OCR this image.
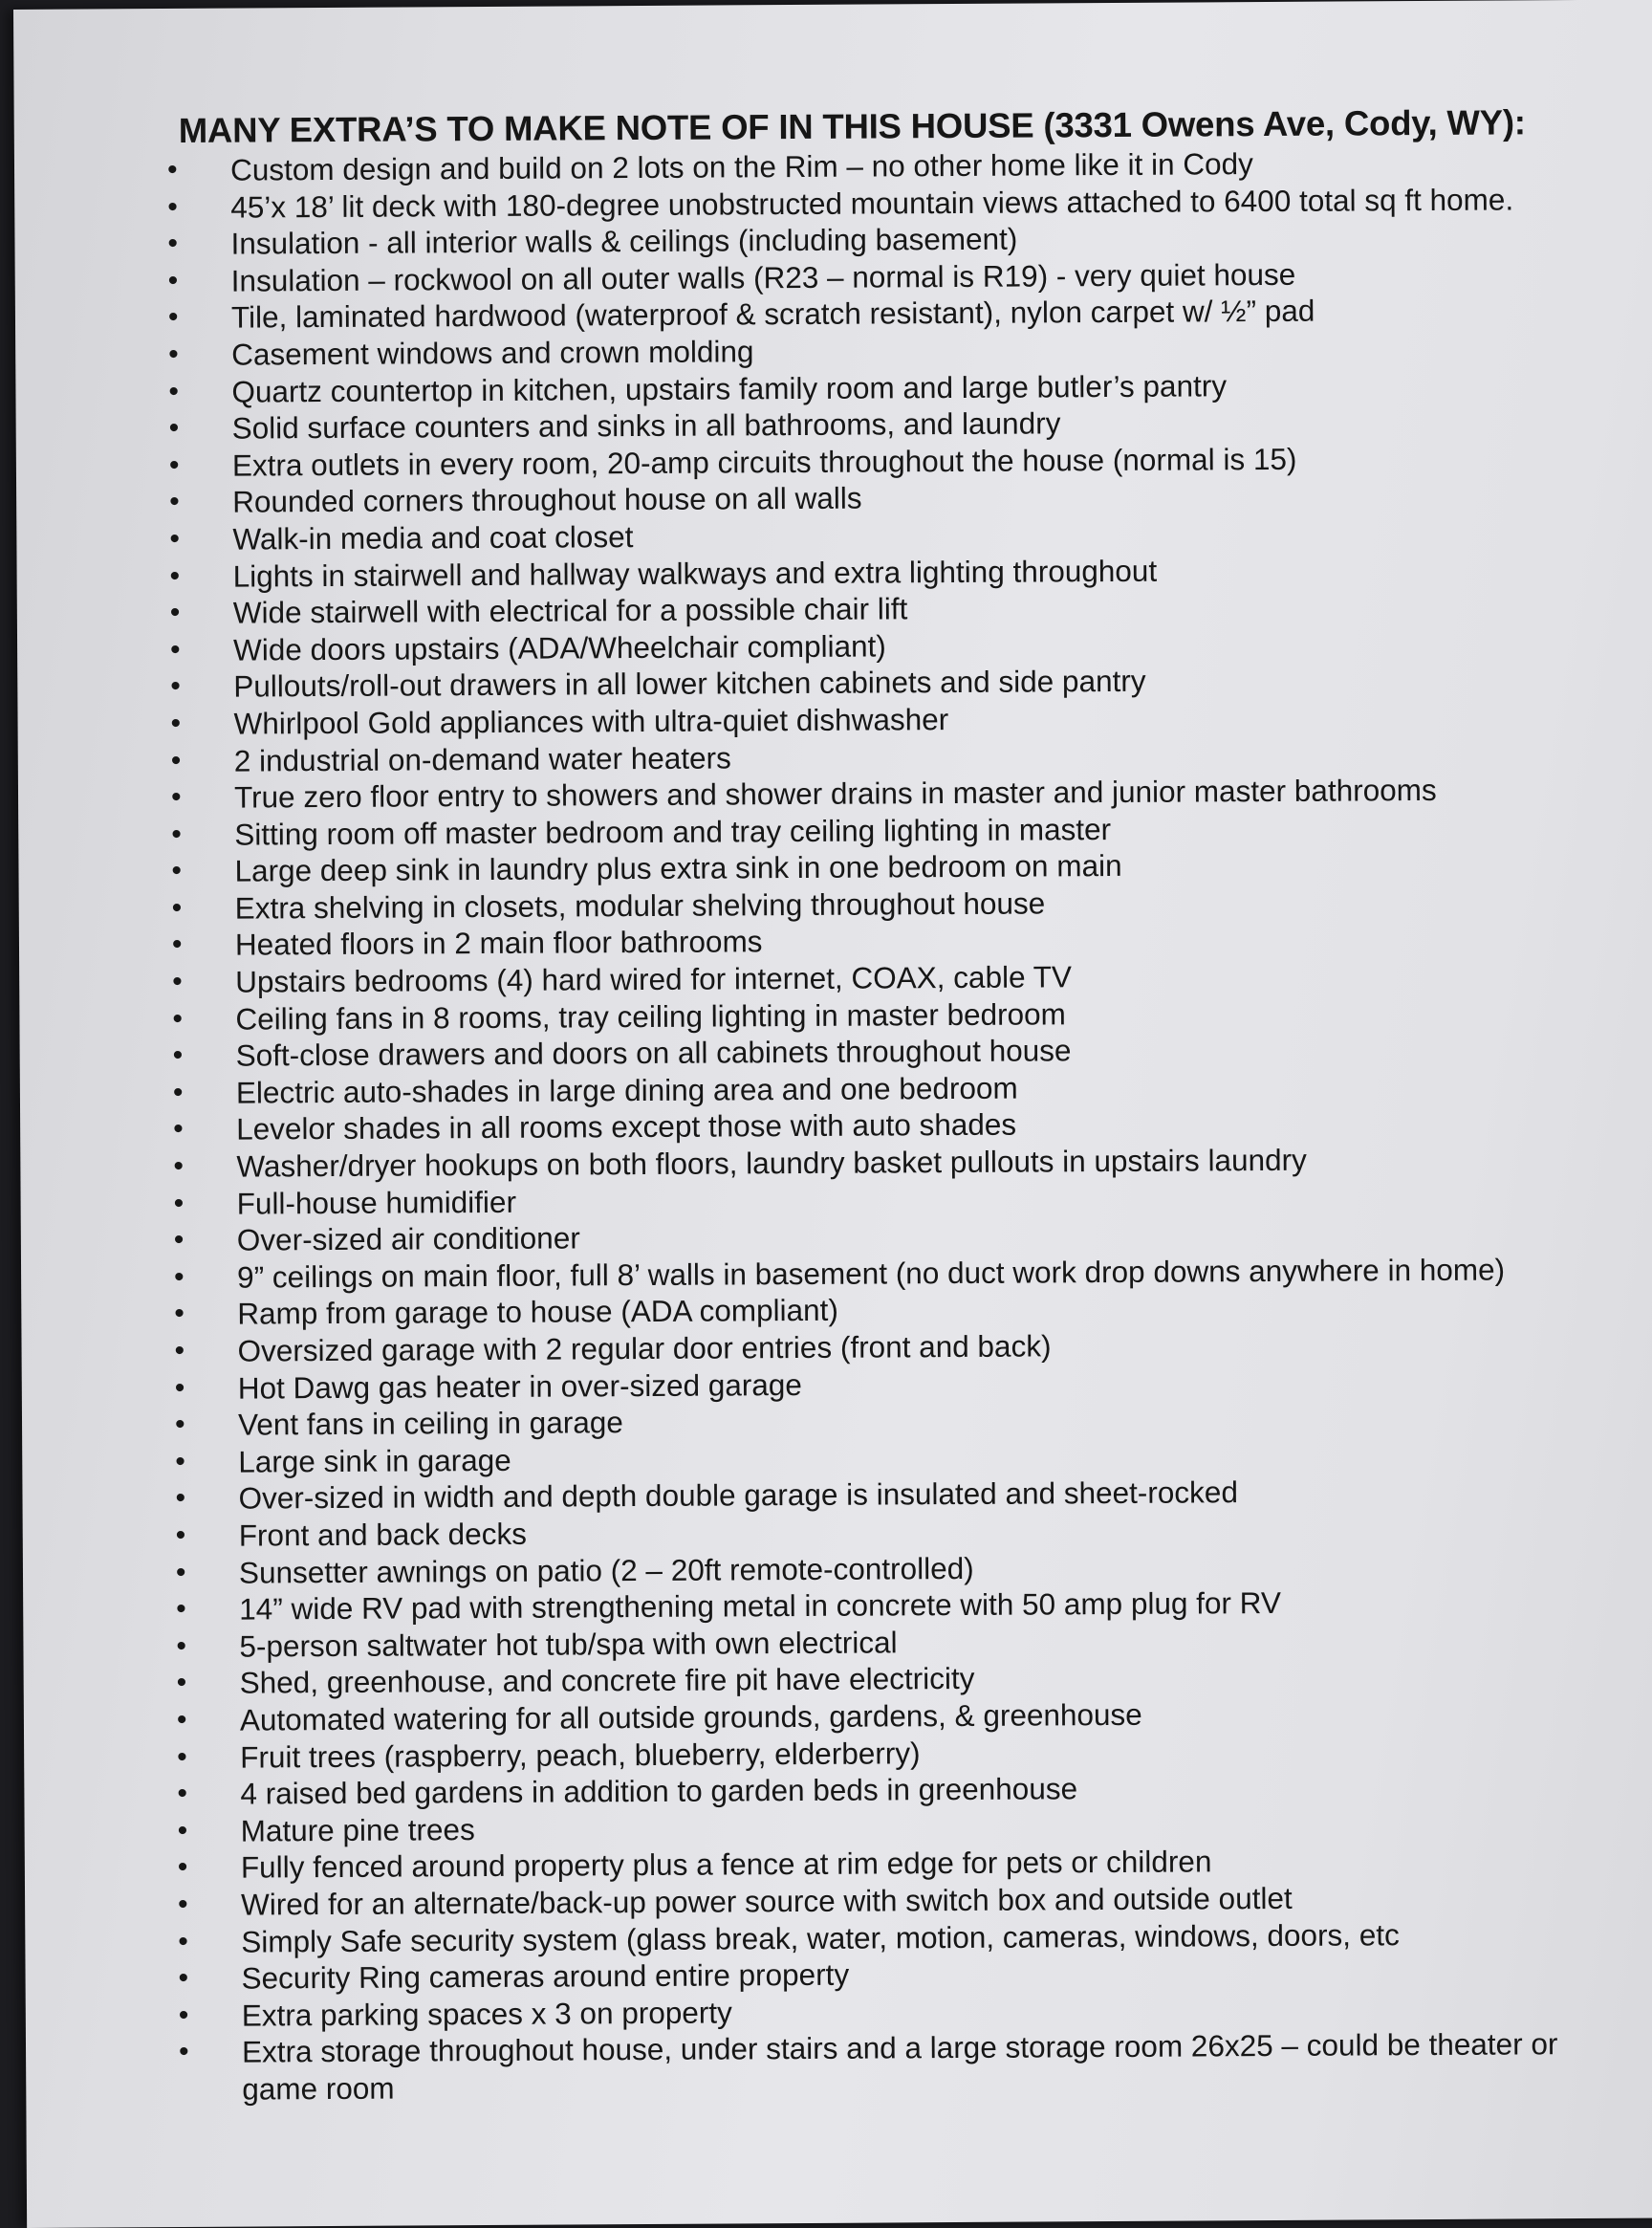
MANY EXTRA’S TO MAKE NOTE OF IN THIS HOUSE (3331 Owens Ave, Cody, WY):
• Custom design and build on 2 lots on the Rim – no other home like it in Cody
• 45’x 18’ lit deck with 180-degree unobstructed mountain views attached to 6400 total sq ft home.
• Insulation - all interior walls & ceilings (including basement)
• Insulation – rockwool on all outer walls (R23 – normal is R19) - very quiet house
• Tile, laminated hardwood (waterproof & scratch resistant), nylon carpet w/ ½” pad
• Casement windows and crown molding
• Quartz countertop in kitchen, upstairs family room and large butler’s pantry
• Solid surface counters and sinks in all bathrooms, and laundry
• Extra outlets in every room, 20-amp circuits throughout the house (normal is 15)
• Rounded corners throughout house on all walls
• Walk-in media and coat closet
• Lights in stairwell and hallway walkways and extra lighting throughout
• Wide stairwell with electrical for a possible chair lift
• Wide doors upstairs (ADA/Wheelchair compliant)
• Pullouts/roll-out drawers in all lower kitchen cabinets and side pantry
• Whirlpool Gold appliances with ultra-quiet dishwasher
• 2 industrial on-demand water heaters
• True zero floor entry to showers and shower drains in master and junior master bathrooms
• Sitting room off master bedroom and tray ceiling lighting in master
• Large deep sink in laundry plus extra sink in one bedroom on main
• Extra shelving in closets, modular shelving throughout house
• Heated floors in 2 main floor bathrooms
• Upstairs bedrooms (4) hard wired for internet, COAX, cable TV
• Ceiling fans in 8 rooms, tray ceiling lighting in master bedroom
• Soft-close drawers and doors on all cabinets throughout house
• Electric auto-shades in large dining area and one bedroom
• Levelor shades in all rooms except those with auto shades
• Washer/dryer hookups on both floors, laundry basket pullouts in upstairs laundry
• Full-house humidifier
• Over-sized air conditioner
• 9” ceilings on main floor, full 8’ walls in basement (no duct work drop downs anywhere in home)
• Ramp from garage to house (ADA compliant)
• Oversized garage with 2 regular door entries (front and back)
• Hot Dawg gas heater in over-sized garage
• Vent fans in ceiling in garage
• Large sink in garage
• Over-sized in width and depth double garage is insulated and sheet-rocked
• Front and back decks
• Sunsetter awnings on patio (2 – 20ft remote-controlled)
• 14” wide RV pad with strengthening metal in concrete with 50 amp plug for RV
• 5-person saltwater hot tub/spa with own electrical
• Shed, greenhouse, and concrete fire pit have electricity
• Automated watering for all outside grounds, gardens, & greenhouse
• Fruit trees (raspberry, peach, blueberry, elderberry)
• 4 raised bed gardens in addition to garden beds in greenhouse
• Mature pine trees
• Fully fenced around property plus a fence at rim edge for pets or children
• Wired for an alternate/back-up power source with switch box and outside outlet
• Simply Safe security system (glass break, water, motion, cameras, windows, doors, etc
• Security Ring cameras around entire property
• Extra parking spaces x 3 on property
• Extra storage throughout house, under stairs and a large storage room 26x25 – could be theater or game room
